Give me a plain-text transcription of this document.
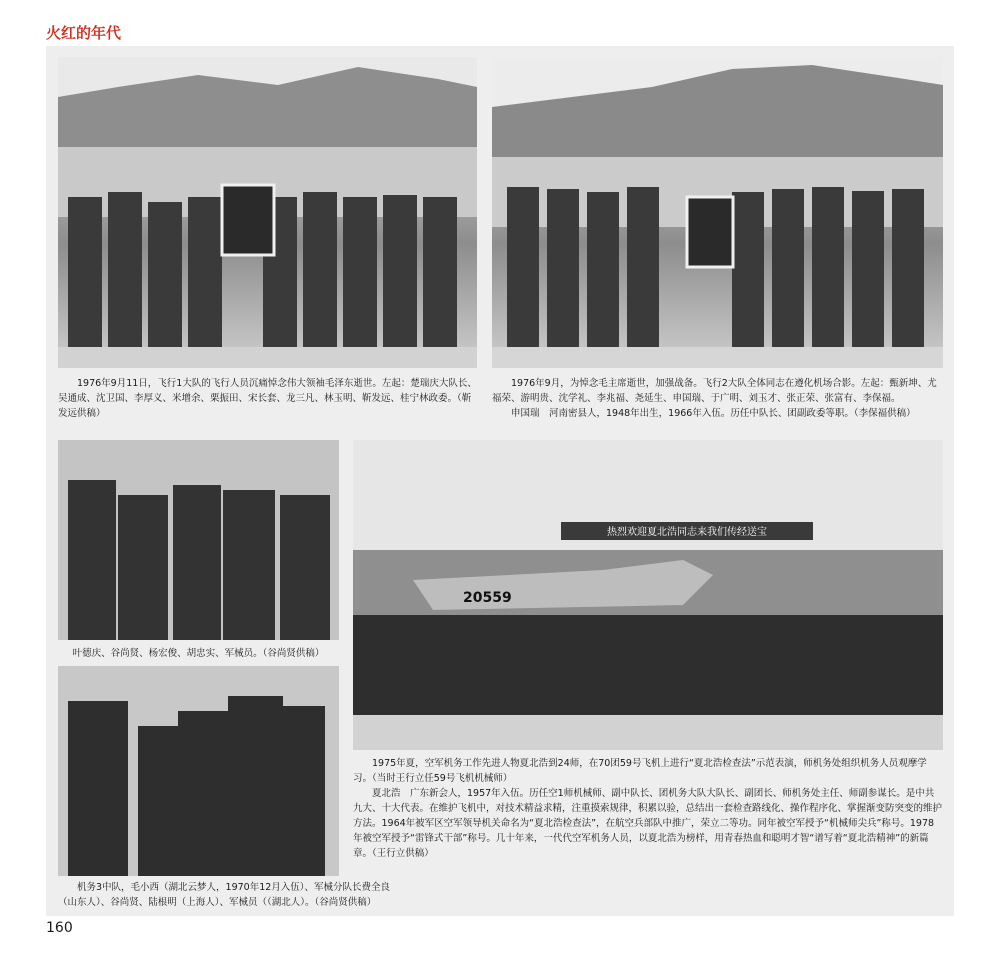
火红的年代

1976年9月11日，飞行1大队的飞行人员沉痛悼念伟大领袖毛泽东逝世。左起：楚瑞庆大队长、吴通成、沈卫国、李厚义、米增余、栗振田、宋长套、龙三凡、林玉明、靳发远、桂宁林政委。（靳发远供稿）

1976年9月，为悼念毛主席逝世，加强战备。飞行2大队全体同志在遵化机场合影。左起：甄新坤、尤福荣、游明贵、沈学礼、李兆福、尧延生、申国瑞、于广明、刘玉才、张正荣、张富有、李保福。

申国瑞　河南密县人，1948年出生，1966年入伍。历任中队长、团副政委等职。（李保福供稿）

叶德庆、谷尚贤、杨宏俊、胡忠实、军械员。（谷尚贤供稿）

机务3中队，毛小西（湖北云梦人，1970年12月入伍）、军械分队长费全良（山东人）、谷尚贤、陆根明（上海人）、军械员（（湖北人）。（谷尚贤供稿）

热烈欢迎夏北浩同志来我们传经送宝
20559

1975年夏，空军机务工作先进人物夏北浩到24师，在70团59号飞机上进行“夏北浩检查法”示范表演，师机务处组织机务人员观摩学习。（当时王行立任59号飞机机械师）

夏北浩　广东新会人，1957年入伍。历任空1师机械师、副中队长、团机务大队大队长、副团长、师机务处主任、师副参谋长。是中共九大、十大代表。在维护飞机中，对技术精益求精，注重摸索规律，积累以验，总结出一套检查路线化、操作程序化、掌握渐变防突变的维护方法。1964年被军区空军领导机关命名为“夏北浩检查法”，在航空兵部队中推广，荣立二等功。同年被空军授予“机械师尖兵”称号。1978年被空军授予“雷锋式干部”称号。几十年来，一代代空军机务人员，以夏北浩为榜样，用青春热血和聪明才智“谱写着“夏北浩精神”的新篇章。（王行立供稿）

160
